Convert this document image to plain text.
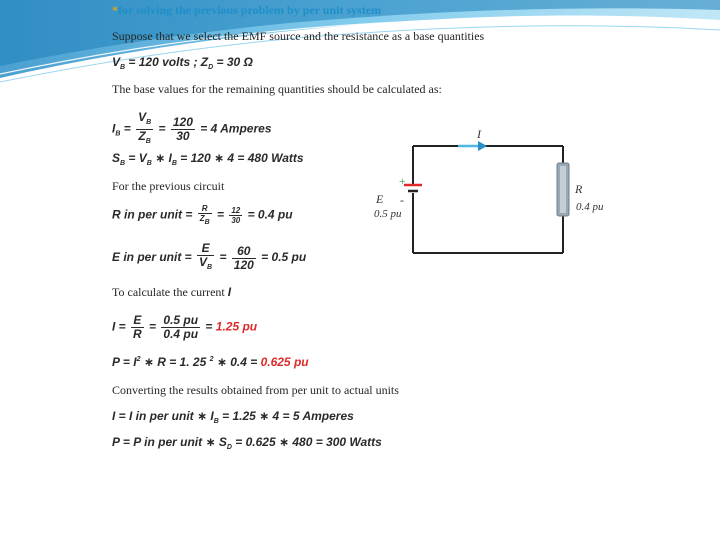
*for solving the previous problem by per unit system
Suppose that we select the EMF source and the resistance as a base quantities
$V_B = 120$ volts ; $Z_D = 30$ Ω
The base values for the remaining quantities should be calculated as:
$I_B = \frac{V_B}{Z_B} = \frac{120}{30} = 4$ Amperes
$S_B = V_B$ ∗ $I_B = 120$ ∗ 4 = 480 Watts
For the previous circuit
R in per unit = $\frac{R}{Z_B} = \frac{12}{30} = 0.4$ pu
E in per unit = $\frac{E}{V_B} = \frac{60}{120} = 0.5$ pu
To calculate the current I
$I = \frac{E}{R} = \frac{0.5 pu}{0.4 pu} = 1.25$ pu
$P = I^2$ ∗ R = 1. 25 $^2$ ∗ 0.4 = 0.625 pu
Converting the results obtained from per unit to actual units
I = I in per unit ∗ $I_B = 1.25$ ∗ 4 = 5 Amperes
P = P in per unit ∗ $S_D = 0.625$ ∗ 480 = 300 Watts
I
+
-
E
0.5 pu
R
0.4 pu
